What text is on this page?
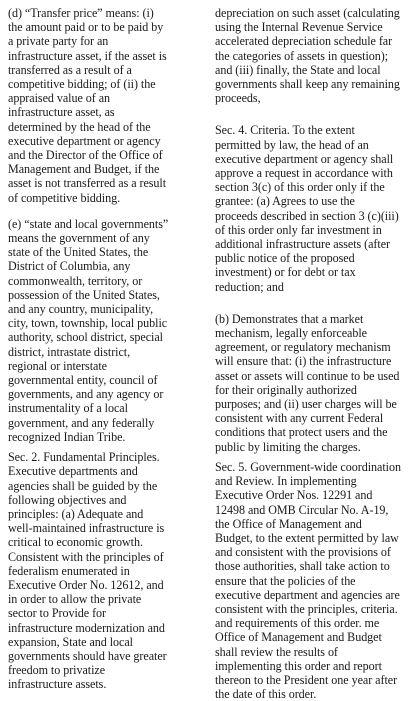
(d) “Transfer price” means: (i)
the amount paid or to be paid by
a private party for an
infrastructure asset, if the asset is
transferred as a result of a
competitive bidding; of (ii) the
appraised value of an
infrastructure asset, as
determined by the head of the
executive department or agency
and the Director of the Office of
Management and Budget, if the
asset is not transferred as a result
of competitive bidding.

(e) “state and local governments”
means the government of any
state of the United States, the
District of Columbia, any
commonwealth, territory, or
possession of the United States,
and any country, municipality,
city, town, township, local public
authority, school district, special
district, intrastate district,
regional or interstate
governmental entity, council of
governments, and any agency or
instrumentality of a local
government, and any federally
recognized Indian Tribe.

Sec. 2. Fundamental Principles.
Executive departments and
agencies shall be guided by the
following objectives and
principles: (a) Adequate and
well-maintained infrastructure is
critical to economic growth.
Consistent with the principles of
federalism enumerated in
Executive Order No. 12612, and
in order to allow the private
sector to Provide for
infrastructure modernization and
expansion, State and local
governments should have greater
freedom to privatize
infrastructure assets.

depreciation on such asset (calculating
using the Internal Revenue Service
accelerated depreciation schedule far
the categories of assets in question);
and (iii) finally, the State and local
governments shall keep any remaining
proceeds,

Sec. 4. Criteria. To the extent
permitted by law, the head of an
executive department or agency shall
approve a request in accordance with
section 3(c) of this order only if the
grantee: (a) Agrees to use the
proceeds described in section 3 (c)(iii)
of this order only far investment in
additional infrastructure assets (after
public notice of the proposed
investment) or for debt or tax
reduction; and

(b) Demonstrates that a market
mechanism, legally enforceable
agreement, or regulatory mechanism
will ensure that: (i) the infrastructure
asset or assets will continue to be used
for their originally authorized
purposes; and (ii) user charges will be
consistent with any current Federal
conditions that protect users and the
public by limiting the charges.

Sec. 5. Government-wide coordination
and Review. In implementing
Executive Order Nos. 12291 and
12498 and OMB Circular No. A-19,
the Office of Management and
Budget, to the extent permitted by law
and consistent with the provisions of
those authorities, shall take action to
ensure that the policies of the
executive department and agencies are
consistent with the principles, criteria.
and requirements of this order. me
Office of Management and Budget
shall review the results of
implementing this order and report
thereon to the President one year after
the date of this order.
